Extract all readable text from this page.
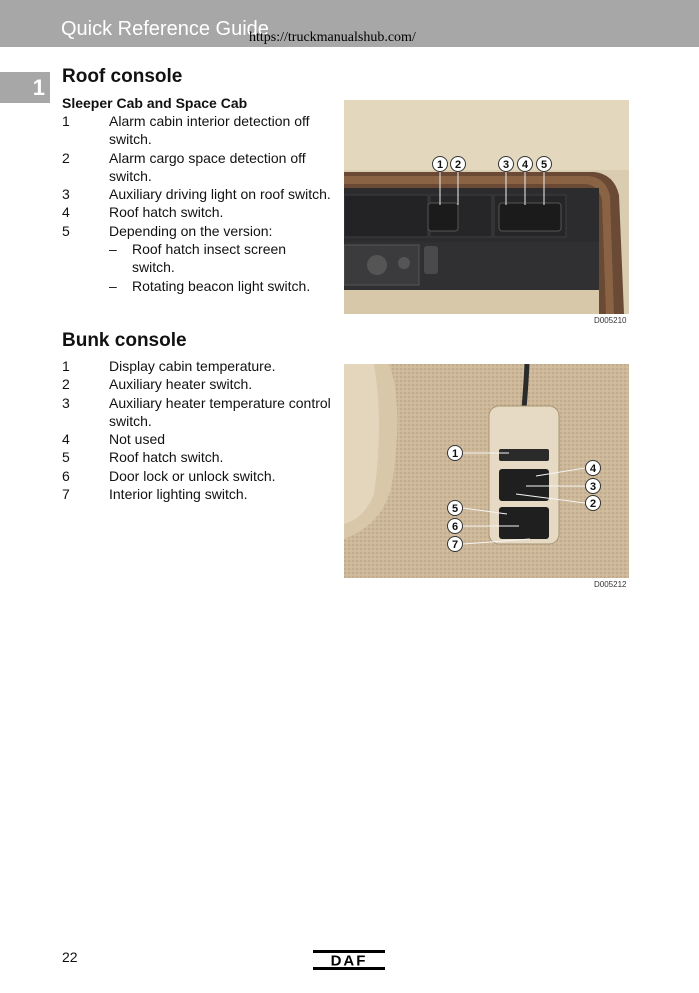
Quick Reference Guide
https://truckmanualshub.com/
1 Roof console
Sleeper Cab and Space Cab
1	Alarm cabin interior detection off switch.
2	Alarm cargo space detection off switch.
3	Auxiliary driving light on roof switch.
4	Roof hatch switch.
5	Depending on the version:
–	Roof hatch insect screen switch.
–	Rotating beacon light switch.
1 2	3 4 5
D005210
Bunk console
1	Display cabin temperature.
2	Auxiliary heater switch.
3	Auxiliary heater temperature control switch.
4	Not used
5	Roof hatch switch.
6	Door lock or unlock switch.
7	Interior lighting switch.
1
4
3
2
5
6
7
D005212
22	DAF
